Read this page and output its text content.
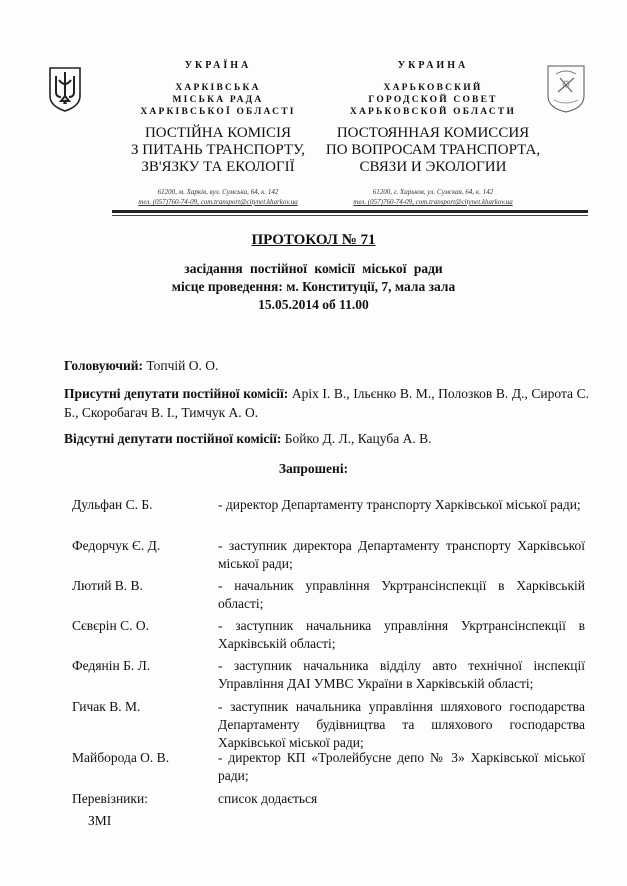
УКРАЇНА
ХАРКІВСЬКА
МІСЬКА РАДА
ХАРКІВСЬКОЇ ОБЛАСТІ
ПОСТІЙНА КОМІСІЯ
З ПИТАНЬ ТРАНСПОРТУ,
ЗВ'ЯЗКУ ТА ЕКОЛОГІЇ
61200, м. Харків, вул. Сумська, 64, к. 142
тел. (057)760-74-09, com.transport@citynet.kharkov.ua
УКРАИНА
ХАРЬКОВСКИЙ
ГОРОДСКОЙ СОВЕТ
ХАРЬКОВСКОЙ ОБЛАСТИ
ПОСТОЯННАЯ КОМИССИЯ
ПО ВОПРОСАМ ТРАНСПОРТА,
СВЯЗИ И ЭКОЛОГИИ
61200, г. Харьков, ул. Сумская, 64, к. 142
тел. (057)760-74-09, com.transport@citynet.kharkov.ua
ПРОТОКОЛ № 71
засідання постійної комісії міської ради
місце проведення: м. Конституції, 7, мала зала
15.05.2014 об 11.00
Головуючий: Топчій О. О.
Присутні депутати постійної комісії: Аріх І. В., Ільєнко В. М., Полозков В. Д., Сирота С. Б., Скоробагач В. І., Тимчук А. О.
Відсутні депутати постійної комісії: Бойко Д. Л., Кацуба А. В.
Запрошені:
Дульфан С. Б.	- директор Департаменту транспорту Харківської міської ради;
Федорчук Є. Д.	- заступник директора Департаменту транспорту Харківської міської ради;
Лютий В. В.	- начальник управління Укртрансінспекції в Харківській області;
Сєвєрін С. О.	- заступник начальника управління Укртрансінспекції в Харківській області;
Федянін Б. Л.	- заступник начальника відділу авто технічної інспекції Управління ДАІ УМВС України в Харківській області;
Гичак В. М.	- заступник начальника управління шляхового господарства Департаменту будівництва та шляхового господарства Харківської міської ради;
Майборода О. В.	- директор КП «Тролейбусне депо № 3» Харківської міської ради;
Перевізники:	список додається
ЗМІ
